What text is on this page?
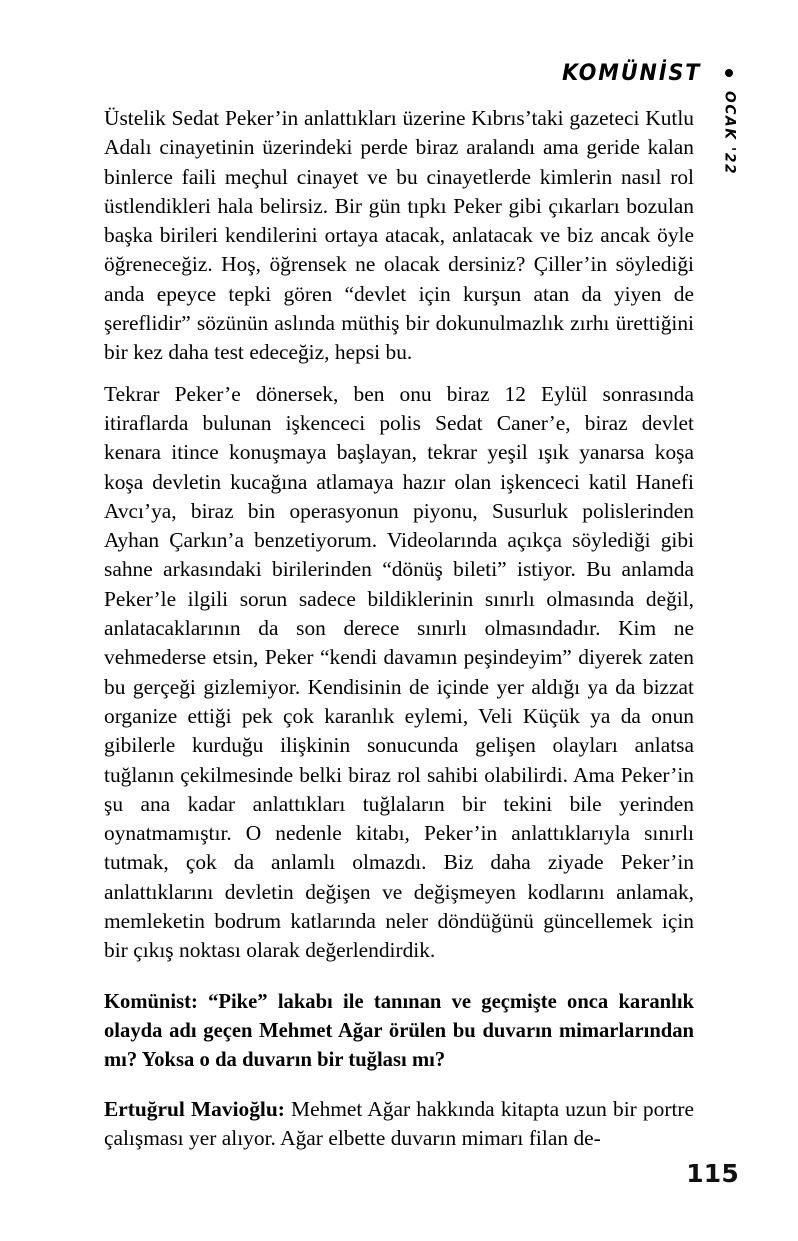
KOMÜNİST
OCAK '22

Üstelik Sedat Peker’in anlattıkları üzerine Kıbrıs’taki gazeteci Kutlu Adalı cinayetinin üzerindeki perde biraz aralandı ama geride kalan binlerce faili meçhul cinayet ve bu cinayetlerde kimlerin nasıl rol üstlendikleri hala belirsiz. Bir gün tıpkı Peker gibi çıkarları bozulan başka birileri kendilerini ortaya atacak, anlatacak ve biz ancak öyle öğreneceğiz. Hoş, öğrensek ne olacak dersiniz? Çiller’in söylediği anda epeyce tepki gören “devlet için kurşun atan da yiyen de şereflidir” sözünün aslında müthiş bir dokunulmazlık zırhı ürettiğini bir kez daha test edeceğiz, hepsi bu.

Tekrar Peker’e dönersek, ben onu biraz 12 Eylül sonrasında itiraflarda bulunan işkenceci polis Sedat Caner’e, biraz devlet kenara itince konuşmaya başlayan, tekrar yeşil ışık yanarsa koşa koşa devletin kucağına atlamaya hazır olan işkenceci katil Hanefi Avcı’ya, biraz bin operasyonun piyonu, Susurluk polislerinden Ayhan Çarkın’a benzetiyorum. Videolarında açıkça söylediği gibi sahne arkasındaki birilerinden “dönüş bileti” istiyor. Bu anlamda Peker’le ilgili sorun sadece bildiklerinin sınırlı olmasında değil, anlatacaklarının da son derece sınırlı olmasındadır. Kim ne vehmederse etsin, Peker “kendi davamın peşindeyim” diyerek zaten bu gerçeği gizlemiyor. Kendisinin de içinde yer aldığı ya da bizzat organize ettiği pek çok karanlık eylemi, Veli Küçük ya da onun gibilerle kurduğu ilişkinin sonucunda gelişen olayları anlatsa tuğlanın çekilmesinde belki biraz rol sahibi olabilirdi. Ama Peker’in şu ana kadar anlattıkları tuğlaların bir tekini bile yerinden oynatmamıştır. O nedenle kitabı, Peker’in anlattıklarıyla sınırlı tutmak, çok da anlamlı olmazdı. Biz daha ziyade Peker’in anlattıklarını devletin değişen ve değişmeyen kodlarını anlamak, memleketin bodrum katlarında neler döndüğünü güncellemek için bir çıkış noktası olarak değerlendirdik.

Komünist: “Pike” lakabı ile tanınan ve geçmişte onca karanlık olayda adı geçen Mehmet Ağar örülen bu duvarın mimarlarından mı? Yoksa o da duvarın bir tuğlası mı?

Ertuğrul Mavioğlu: Mehmet Ağar hakkında kitapta uzun bir portre çalışması yer alıyor. Ağar elbette duvarın mimarı filan de-

115
